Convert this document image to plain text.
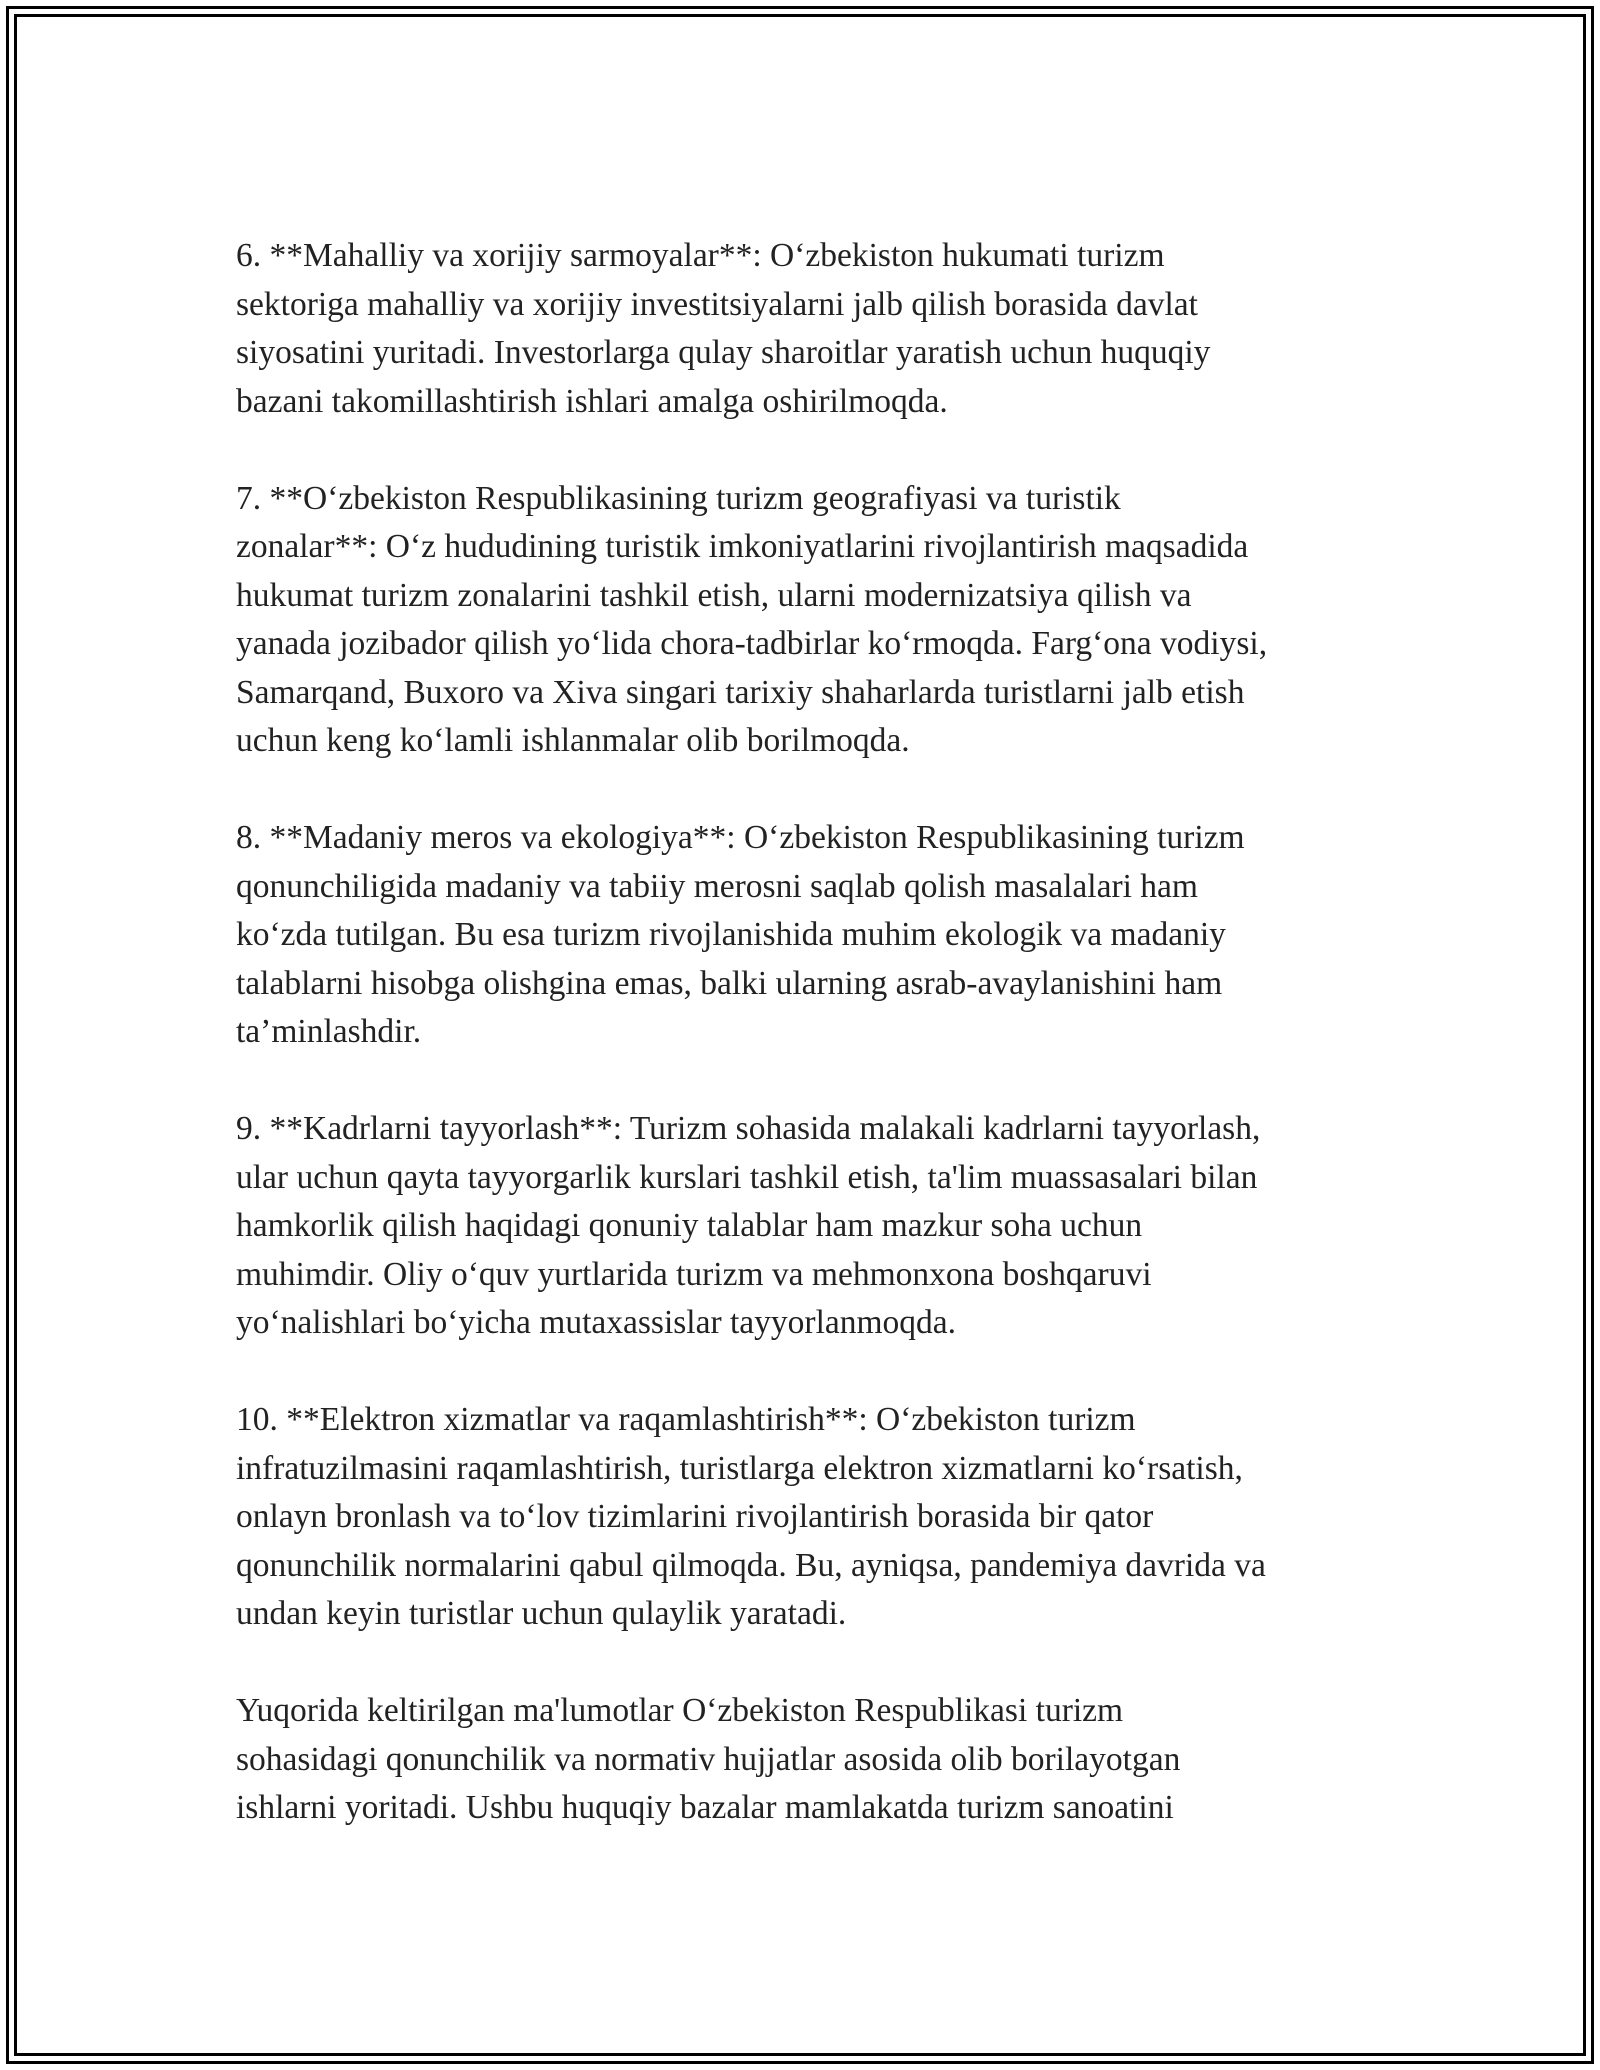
6. **Mahalliy va xorijiy sarmoyalar**: O‘zbekiston hukumati turizm
sektoriga mahalliy va xorijiy investitsiyalarni jalb qilish borasida davlat
siyosatini yuritadi. Investorlarga qulay sharoitlar yaratish uchun huquqiy
bazani takomillashtirish ishlari amalga oshirilmoqda.

7. **O‘zbekiston Respublikasining turizm geografiyasi va turistik
zonalar**: O‘z hududining turistik imkoniyatlarini rivojlantirish maqsadida
hukumat turizm zonalarini tashkil etish, ularni modernizatsiya qilish va
yanada jozibador qilish yo‘lida chora-tadbirlar ko‘rmoqda. Farg‘ona vodiysi,
Samarqand, Buxoro va Xiva singari tarixiy shaharlarda turistlarni jalb etish
uchun keng ko‘lamli ishlanmalar olib borilmoqda.

8. **Madaniy meros va ekologiya**: O‘zbekiston Respublikasining turizm
qonunchiligida madaniy va tabiiy merosni saqlab qolish masalalari ham
ko‘zda tutilgan. Bu esa turizm rivojlanishida muhim ekologik va madaniy
talablarni hisobga olishgina emas, balki ularning asrab-avaylanishini ham
ta’minlashdir.

9. **Kadrlarni tayyorlash**: Turizm sohasida malakali kadrlarni tayyorlash,
ular uchun qayta tayyorgarlik kurslari tashkil etish, ta'lim muassasalari bilan
hamkorlik qilish haqidagi qonuniy talablar ham mazkur soha uchun
muhimdir. Oliy o‘quv yurtlarida turizm va mehmonxona boshqaruvi
yo‘nalishlari bo‘yicha mutaxassislar tayyorlanmoqda.

10. **Elektron xizmatlar va raqamlashtirish**: O‘zbekiston turizm
infratuzilmasini raqamlashtirish, turistlarga elektron xizmatlarni ko‘rsatish,
onlayn bronlash va to‘lov tizimlarini rivojlantirish borasida bir qator
qonunchilik normalarini qabul qilmoqda. Bu, ayniqsa, pandemiya davrida va
undan keyin turistlar uchun qulaylik yaratadi.

Yuqorida keltirilgan ma'lumotlar O‘zbekiston Respublikasi turizm
sohasidagi qonunchilik va normativ hujjatlar asosida olib borilayotgan
ishlarni yoritadi. Ushbu huquqiy bazalar mamlakatda turizm sanoatini
